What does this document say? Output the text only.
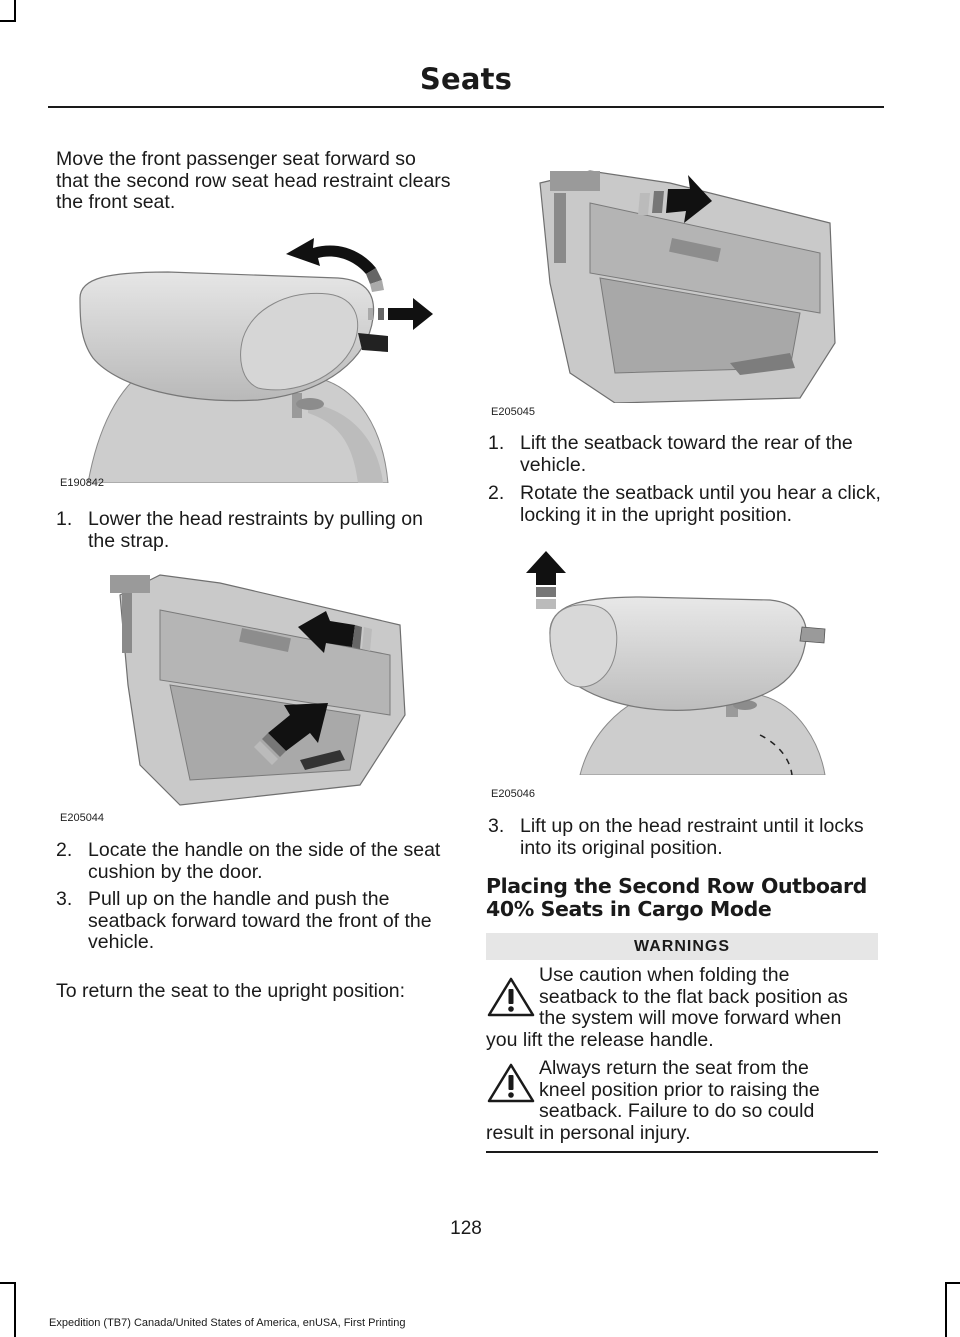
Seats

Move the front passenger seat forward so that the second row seat head restraint clears the front seat.

E190842
1. Lower the head restraints by pulling on the strap.
E205044
2. Locate the handle on the side of the seat cushion by the door.
3. Pull up on the handle and push the seatback forward toward the front of the vehicle.

To return the seat to the upright position:

E205045
1. Lift the seatback toward the rear of the vehicle.
2. Rotate the seatback until you hear a click, locking it in the upright position.
E205046
3. Lift up on the head restraint until it locks into its original position.
Placing the Second Row Outboard 40% Seats in Cargo Mode
WARNINGS

Use caution when folding the
seatback to the flat back position as
the system will move forward when
you lift the release handle.

Always return the seat from the
kneel position prior to raising the
seatback. Failure to do so could
result in personal injury.

128
Expedition (TB7) Canada/United States of America, enUSA, First Printing
